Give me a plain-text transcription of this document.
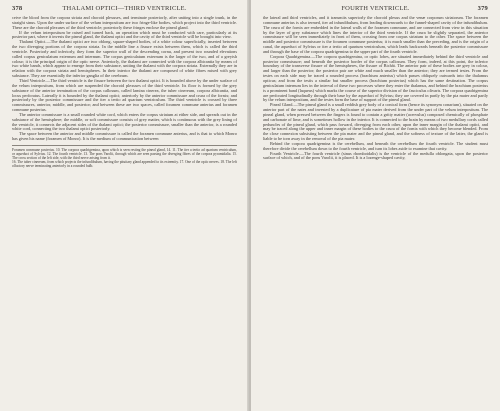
378	THALAMI OPTICI—THIRD VENTRICLE.

ceive the blood from the corpora striata and choroid plexuses, and terminate posteriorly, after uniting into a single trunk, in the straight sinus. Upon the under surface of the velum interpositum are two fringe-like bodies, which project into the third ventricle. These are the choroid plexuses of the third ventricle; posteriorly these fringes enclose the pineal gland.

If the velum interpositum be raised and turned back, an operation which must be conducted with care, particularly at its posterior part, where it invests the pineal gland, the thalami optici and the cavity of the third ventricle will be brought into view.

Thalami Optici.—The thalami optici are two oblong, square-shaped bodies, of a white colour superficially, inserted between the two diverging portions of the corpora striata. In the middle line a fissure exists between them, which is called the third ventricle. Posteriorly and inferiorly, they form the superior wall of the descending cornu, and present two rounded elevations called corpus geniculatum externum and internum. The corpus geniculatum externum is the larger of the two, and of a greyish colour; it is the principal origin of the optic nerve. Anteriorly, the thalami are connected with the corpora albicantia by means of two white bands, which appear to emerge from their substance, uniting the thalami with the corpora striata. Externally they are in relation with the corpora striata and hemispheres. In their interior the thalami are composed of white fibres mixed with grey substance. They are essentially the inferior ganglia of the cerebrum.

Third Ventricle.—The third ventricle is the fissure between the two thalami optici. It is bounded above by the under surface of the velum interpositum, from which are suspended the choroid plexuses of the third ventricle. Its floor is formed by the grey substance of the anterior termination of the corpus callosum, called lamina cinerea, the tuber cinereum, corpora albicantia, and locus perforatus. Laterally it is bounded by the thalami optici; anteriorly by the anterior commissure and crura of the fornix; and posteriorly by the posterior commissure and the iter a tertio ad quartum ventriculum. The third ventricle is crossed by three commissures, anterior, middle, and posterior; and between these are two spaces, called foramen commune anterius and foramen commune posterius.

The anterior commissure is a small rounded white cord, which enters the corpus striatum at either side, and spreads out in the substance of the hemisphere; the middle, or soft commissure consists of grey matter, which is continuous with the grey lining of the ventricle, it connects the adjacent sides of the thalami optici; the posterior commissure, smaller than the anterior, is a rounded white cord, connecting the two thalami optici posteriorly.

The space between the anterior and middle commissure is called the foramen commune anterius, and is that to which Monro has given his name (foramen of Monro). It is the medium of communication between

Foramen commune posterius. 10. The corpora quadrigemina, upon which is seen resting the pineal gland, 14. 11. The iter a tertio ad quartum ventriculum, or aqueduct of Sylvius. 12. The fourth ventricle. 13. The pons Varolii, through which are seen passing the diverging fibres of the corpora pyramidalia. 15. The cross section of the left side, with the third nerve arising from it.

16. The tuber cinereum, from which projects the infundibulum, having the pituitary gland appended to its extremity. 17. One of the optic nerves. 18. The left olfactory nerve terminating anteriorly in a rounded bulb.

FOURTH VENTRICLE.	379

the lateral and third ventricles, and it transmits superiorly the choroid plexus and the venæ corporum striatorum. The foramen commune anterius is also termed, iter ad infundibulum, from leading downwards to the funnel-shaped cavity of the infundibulum. The crura of the fornix are embedded in the lateral walls of the foramen commune, and are connected from view in this situation by the layer of grey substance which lines the interior of the third ventricle. If the crura be slightly separated, the anterior commissure will be seen immediately in front of them, crossing from one corpus striatum to the other. The space between the middle and posterior commissure is the foramen commune posterius; it is much smaller than the preceding, and is the origin of a canal, the aqueduct of Sylvius or iter a tertio ad quartum ventriculum, which leads backwards beneath the posterior commissure and through the base of the corpora quadrigemina to the upper part of the fourth ventricle.

Corpora Quadrigemina.—The corpora quadrigemina, or optic lobes, are situated immediately behind the third ventricle and posterior commissure; and beneath the posterior border of the corpus callosum. They form, indeed, at this point, the inferior boundary of the transverse fissure of the hemispheres, the fissure of Bichât. The anterior pair of these bodies are grey in colour, and larger than the posterior; the posterior pair are white and much smaller than the anterior; they are termed testes. From the testes on each side may be traced a rounded process (brachium anterius) which passes obliquely outwards into the thalamus opticus; and from the testis a similar but smaller process (brachium posterius) which has the same destination. The corpus geniculatum internum lies in the interval of these two processes where they enter the thalamus, and behind the brachium posterius is a prominent band (laqueus) which marks the course of the superior division of the fasciculus olivaris. The corpora quadrigemina are perforated longitudinally through their base by the aqueduct of Sylvius; they are covered in partly by the pia mater and partly by the velum interpositum, and the testes form the base of support of the pineal gland.

Pineal Gland.—The pineal gland is a small reddish grey body of a conical form (hence its synonym conarium), situated on the anterior part of the nates and invested by a duplicature of pia mater derived from the under part of the velum interpositum. The pineal gland, when pressed between the fingers is found to contain a gritty matter (acervulus) composed chemically of phosphate and carbonate of lime, and is sometimes hollow in the interior. It is connected to the brain by means of two medullary cords called peduncles of the pineal gland, which pass forward, diverging from each other, upon the inner margin of the thalami optici, and may be traced along the upper and inner margin of these bodies to the crura of the fornix with which they become blended. From the close connexion subsisting between the pia mater and the pineal gland, and the softness of texture of the latter, the gland is liable to be torn away in the removal of the pia mater.

Behind the corpora quadrigemina is the cerebellum, and beneath the cerebellum the fourth ventricle. The student must therefore divide the cerebellum down to the fourth ventricle, and turn its lobes aside to examine that cavity.

Fourth Ventricle.—The fourth ventricle (sinus rhomboidalis) is the ventricle of the medulla oblongata, upon the posterior surface of which, and of the pons Varolii, it is placed. It is a lozenge-shaped cavity,
